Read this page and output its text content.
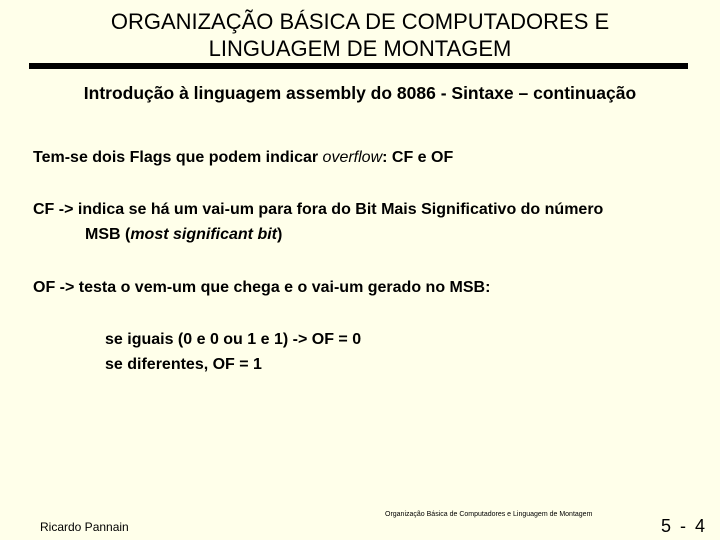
ORGANIZAÇÃO BÁSICA DE COMPUTADORES E
LINGUAGEM DE MONTAGEM
Introdução à linguagem assembly do 8086 - Sintaxe – continuação
Tem-se dois Flags que podem indicar overflow: CF e OF
CF -> indica se há um vai-um para fora do Bit Mais Significativo do número
MSB (most significant bit)
OF -> testa o vem-um que chega e o vai-um gerado no MSB:
se iguais (0 e 0 ou 1 e 1) -> OF = 0
se diferentes, OF = 1
Ricardo Pannain
Organização Básica de Computadores e Linguagem de Montagem
5 - 4
